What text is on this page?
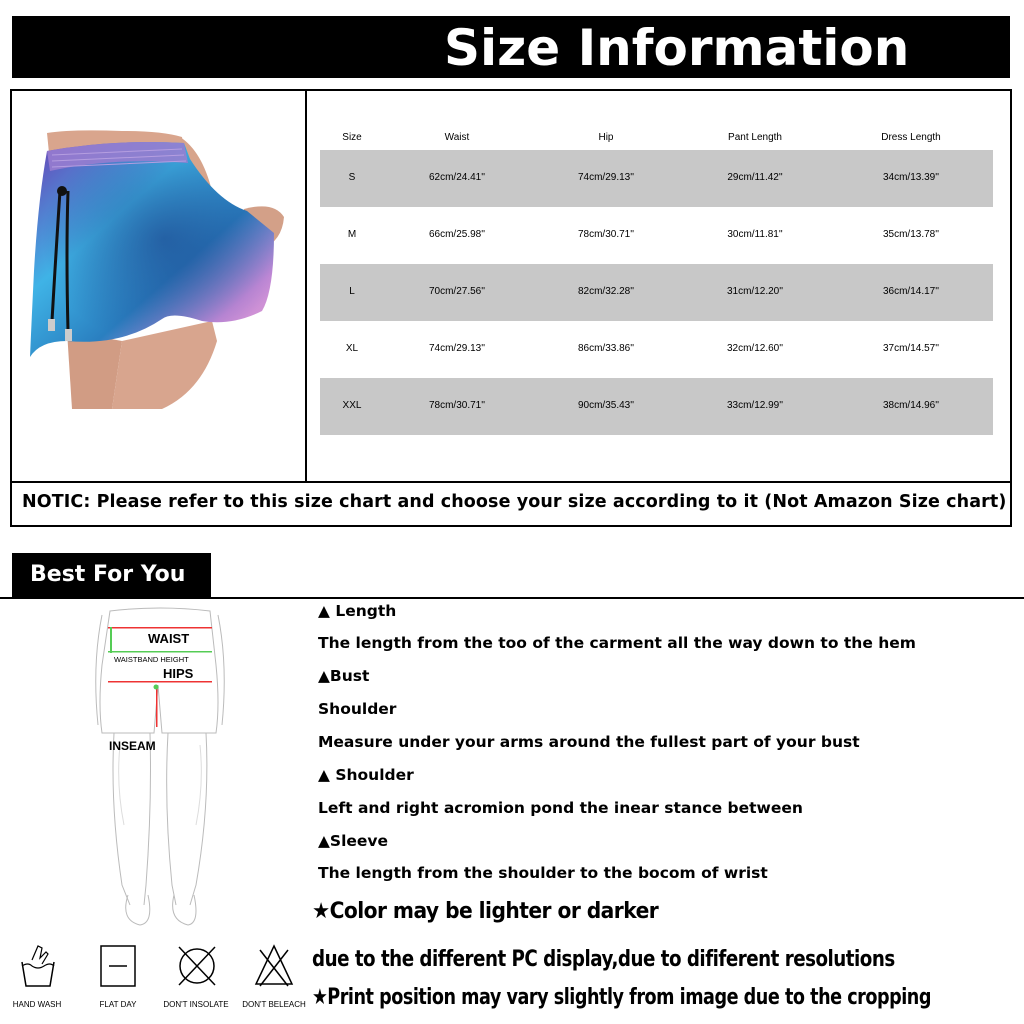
Size Information
NOTIC: Please refer to this size chart and choose your size according to it (Not Amazon Size chart)
Size	Waist	Hip	Pant Length	Dress Length
S	62cm/24.41''	74cm/29.13''	29cm/11.42''	34cm/13.39''
M	66cm/25.98''	78cm/30.71''	30cm/11.81''	35cm/13.78''
L	70cm/27.56''	82cm/32.28''	31cm/12.20''	36cm/14.17''
XL	74cm/29.13''	86cm/33.86''	32cm/12.60''	37cm/14.57''
XXL	78cm/30.71''	90cm/35.43''	33cm/12.99''	38cm/14.96''
Best For You
WAIST
WAISTBAND HEIGHT
HIPS
INSEAM
▲ Length
The length from the too of the carment all the way down to the hem
▲Bust
Shoulder
Measure under your arms around the fullest part of your bust
▲ Shoulder
Left and right acromion pond the inear stance between
▲Sleeve
The length from the shoulder to the bocom of wrist
★Color may be lighter or darker
due to the different PC display,due to dififerent resolutions
★Print position may vary slightly from image due to the cropping
HAND WASH	FLAT DAY	DON'T INSOLATE DON'T BELEACH
